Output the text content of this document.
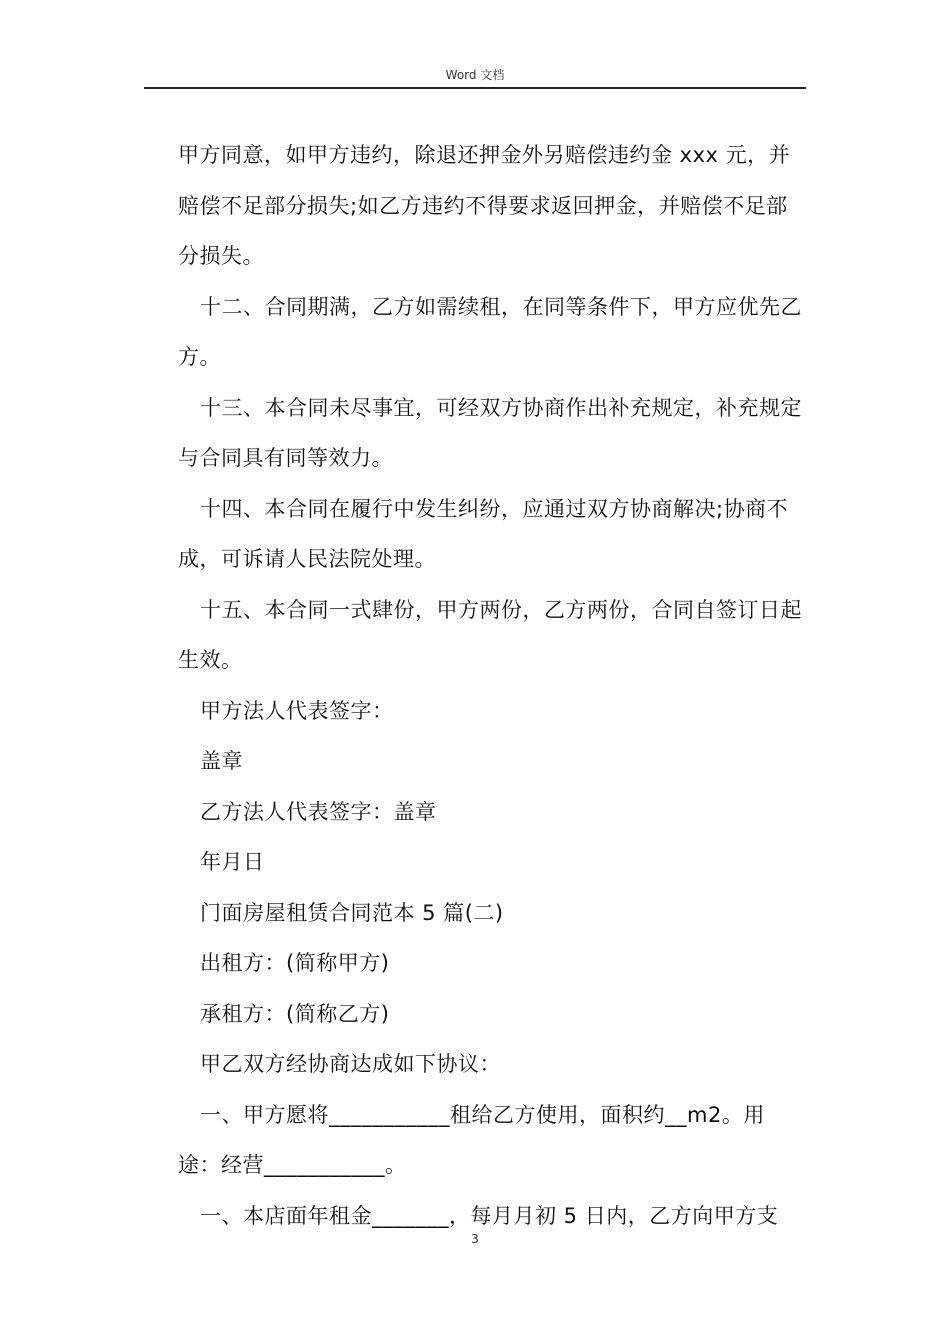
Word 文档

甲方同意，如甲方违约，除退还押金外另赔偿违约金 xxx 元，并赔偿不足部分损失;如乙方违约不得要求返回押金，并赔偿不足部分损失。

十二、合同期满，乙方如需续租，在同等条件下，甲方应优先乙方。

十三、本合同未尽事宜，可经双方协商作出补充规定，补充规定与合同具有同等效力。

十四、本合同在履行中发生纠纷，应通过双方协商解决;协商不成，可诉请人民法院处理。

十五、本合同一式肆份，甲方两份，乙方两份，合同自签订日起生效。

甲方法人代表签字：

盖章

乙方法人代表签字：盖章

年月日

门面房屋租赁合同范本 5 篇(二)

出租方：(简称甲方)

承租方：(简称乙方)

甲乙双方经协商达成如下协议：

一、甲方愿将___________租给乙方使用，面积约__m2。用途：经营___________。

一、本店面年租金_______，每月月初 5 日内，乙方向甲方支

3
